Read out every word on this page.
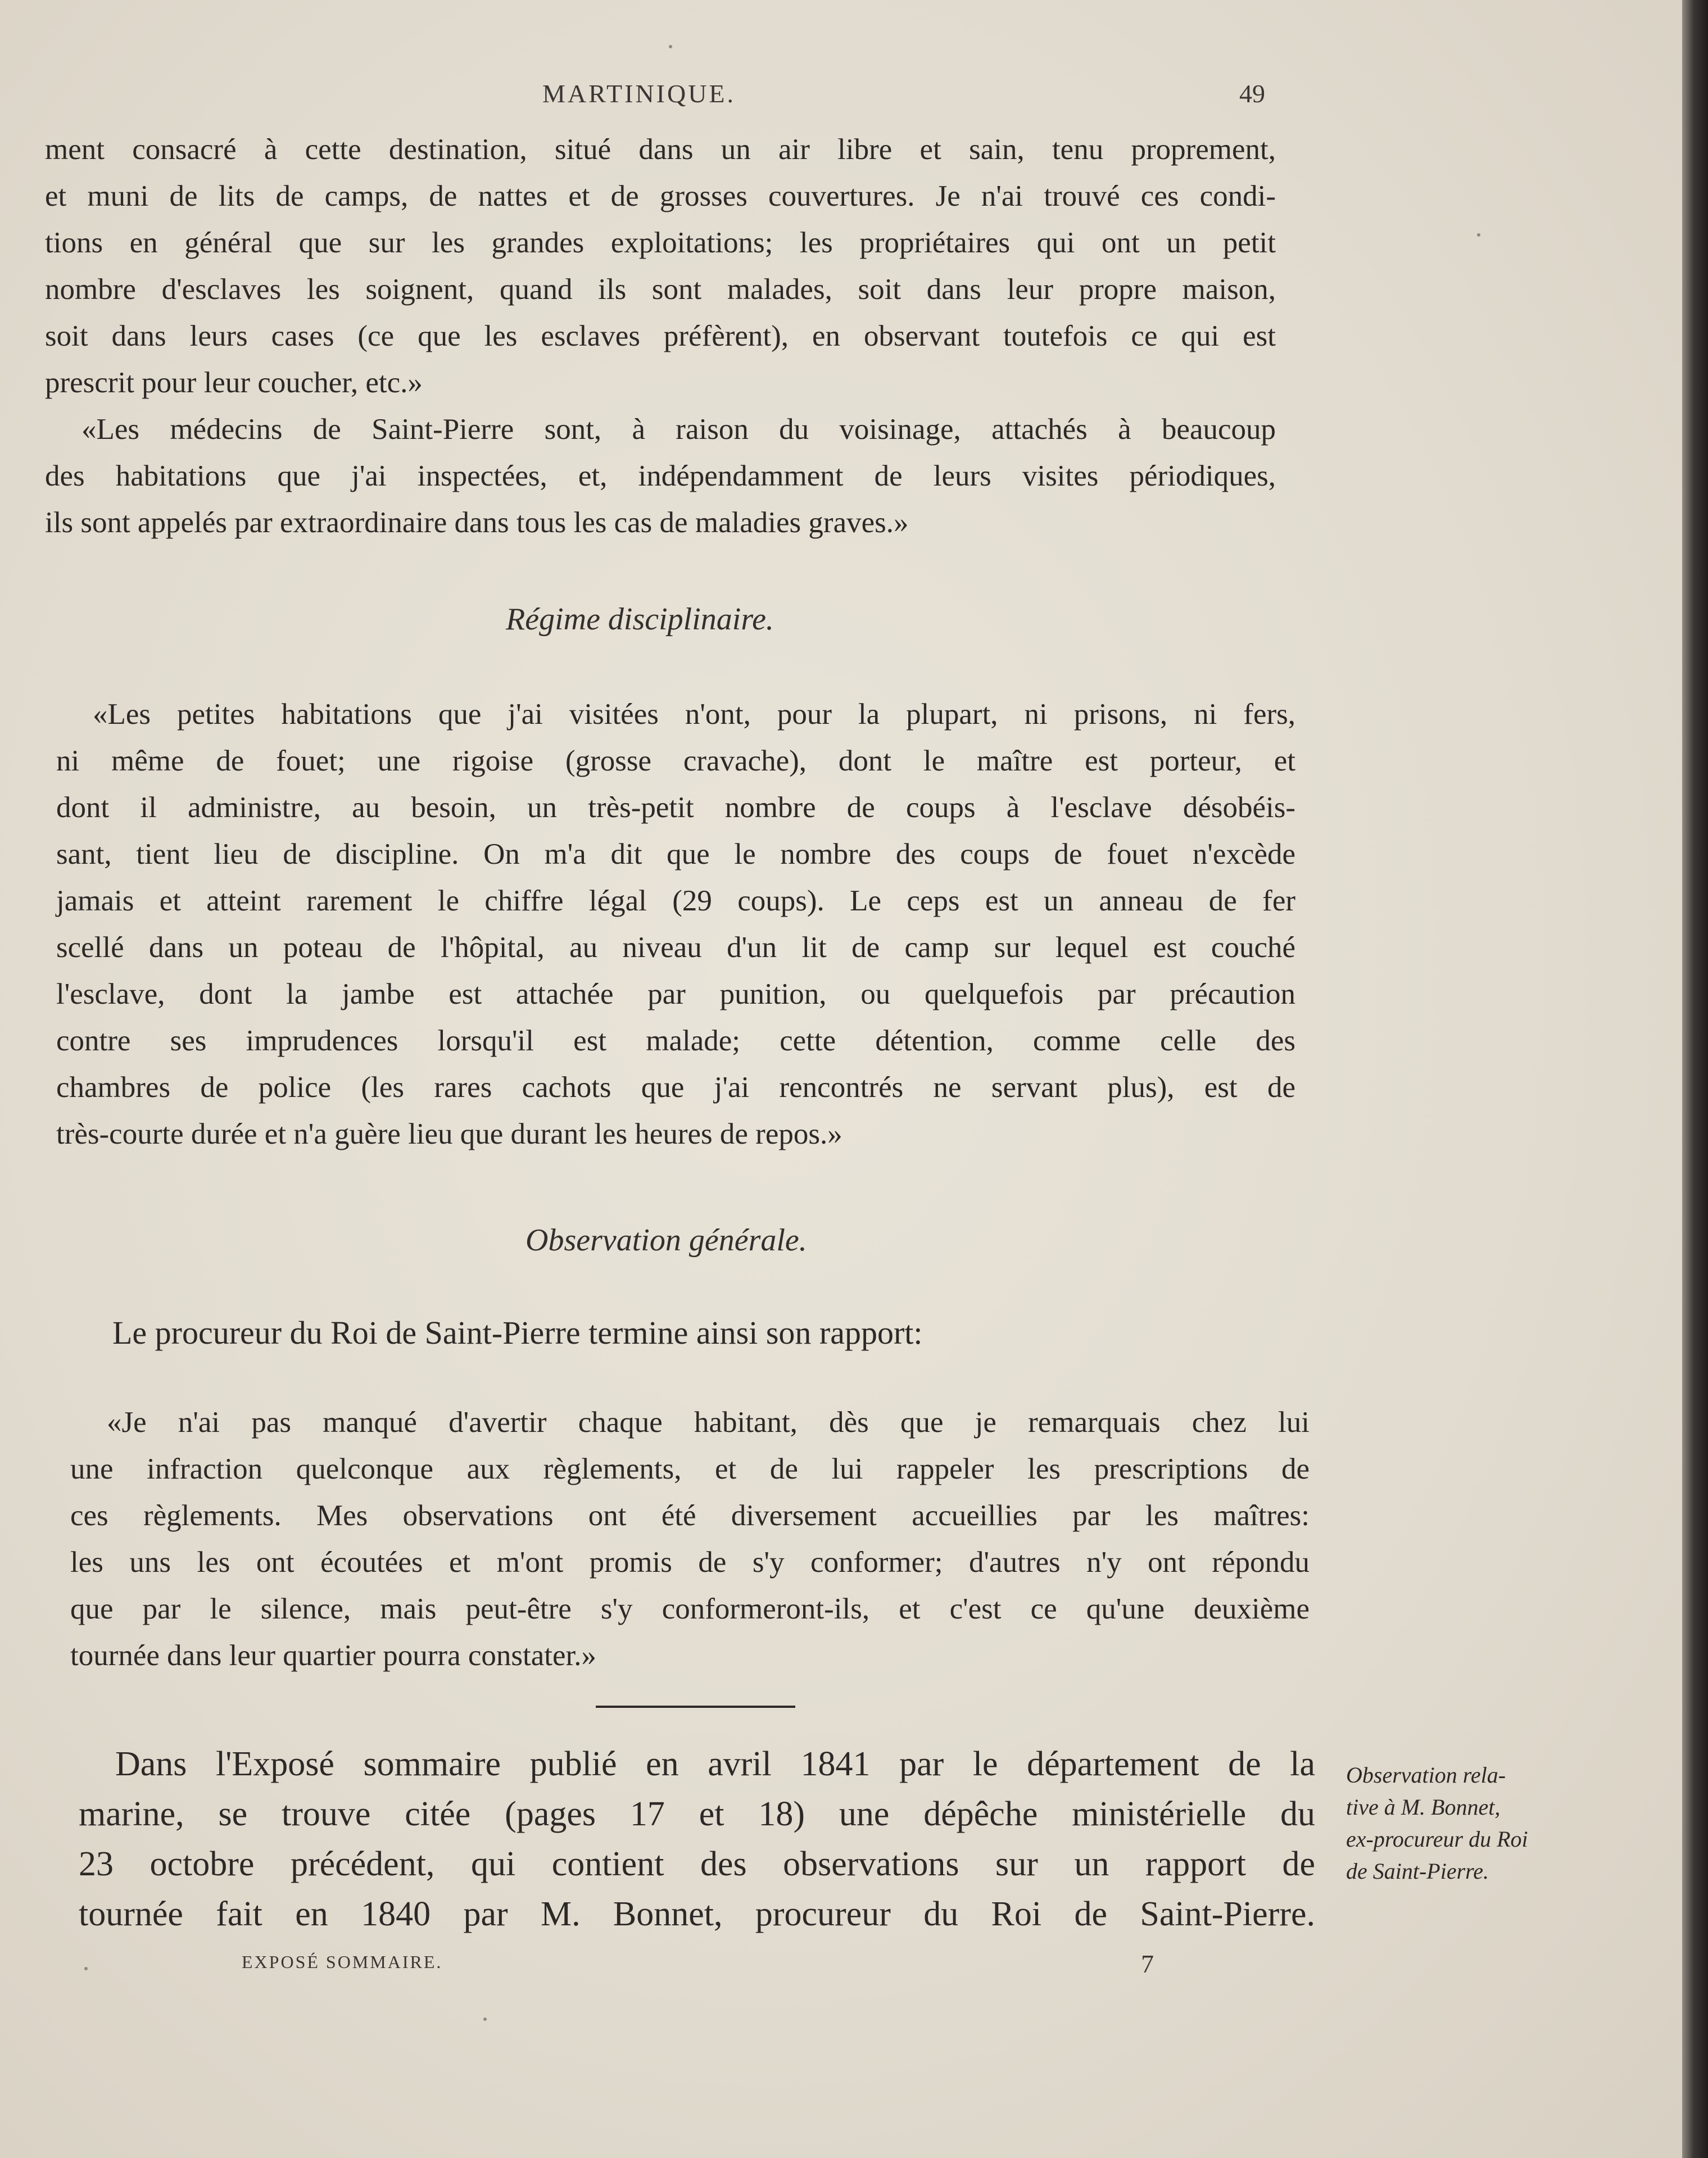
MARTINIQUE.	49
ment consacré à cette destination, situé dans un air libre et sain, tenu proprement,
et muni de lits de camps, de nattes et de grosses couvertures. Je n'ai trouvé ces condi-
tions en général que sur les grandes exploitations; les propriétaires qui ont un petit
nombre d'esclaves les soignent, quand ils sont malades, soit dans leur propre maison,
soit dans leurs cases (ce que les esclaves préfèrent), en observant toutefois ce qui est
prescrit pour leur coucher, etc.»
«Les médecins de Saint-Pierre sont, à raison du voisinage, attachés à beaucoup
des habitations que j'ai inspectées, et, indépendamment de leurs visites périodiques,
ils sont appelés par extraordinaire dans tous les cas de maladies graves.»
Régime disciplinaire.
«Les petites habitations que j'ai visitées n'ont, pour la plupart, ni prisons, ni fers,
ni même de fouet; une rigoise (grosse cravache), dont le maître est porteur, et
dont il administre, au besoin, un très-petit nombre de coups à l'esclave désobéis-
sant, tient lieu de discipline. On m'a dit que le nombre des coups de fouet n'excède
jamais et atteint rarement le chiffre légal (29 coups). Le ceps est un anneau de fer
scellé dans un poteau de l'hôpital, au niveau d'un lit de camp sur lequel est couché
l'esclave, dont la jambe est attachée par punition, ou quelquefois par précaution
contre ses imprudences lorsqu'il est malade; cette détention, comme celle des
chambres de police (les rares cachots que j'ai rencontrés ne servant plus), est de
très-courte durée et n'a guère lieu que durant les heures de repos.»
Observation générale.
Le procureur du Roi de Saint-Pierre termine ainsi son rapport:
«Je n'ai pas manqué d'avertir chaque habitant, dès que je remarquais chez lui
une infraction quelconque aux règlements, et de lui rappeler les prescriptions de
ces règlements. Mes observations ont été diversement accueillies par les maîtres:
les uns les ont écoutées et m'ont promis de s'y conformer; d'autres n'y ont répondu
que par le silence, mais peut-être s'y conformeront-ils, et c'est ce qu'une deuxième
tournée dans leur quartier pourra constater.»
Dans l'Exposé sommaire publié en avril 1841 par le département de la
marine, se trouve citée (pages 17 et 18) une dépêche ministérielle du
23 octobre précédent, qui contient des observations sur un rapport de
tournée fait en 1840 par M. Bonnet, procureur du Roi de Saint-Pierre.
Observation rela-
tive à M. Bonnet,
ex-procureur du Roi
de Saint-Pierre.
EXPOSÉ SOMMAIRE.	7
